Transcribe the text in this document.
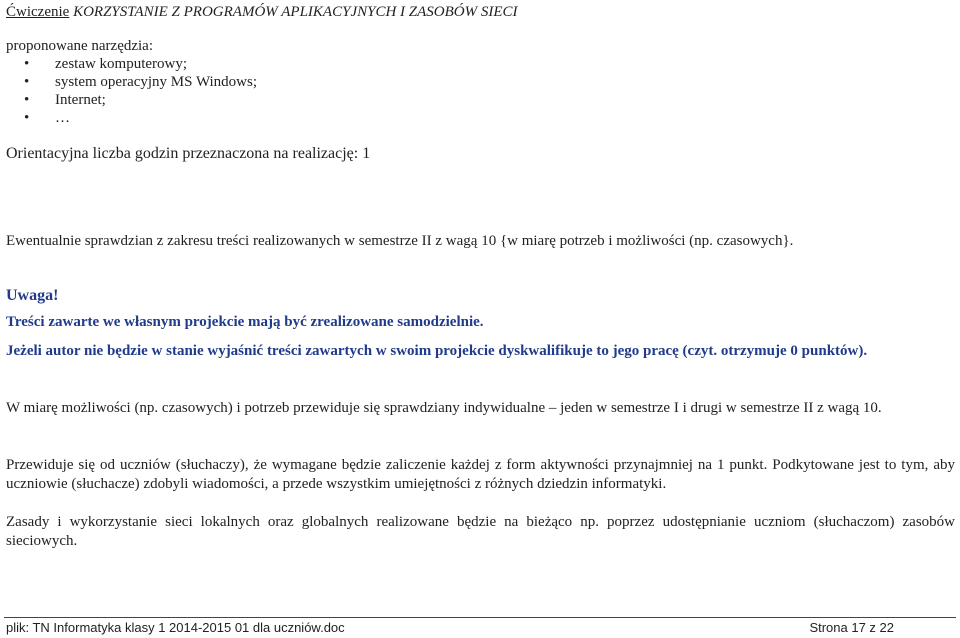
Ćwiczenie KORZYSTANIE Z PROGRAMÓW APLIKACYJNYCH I ZASOBÓW SIECI
proponowane narzędzia:
• zestaw komputerowy;
• system operacyjny MS Windows;
• Internet;
• …
Orientacyjna liczba godzin przeznaczona na realizację: 1
Ewentualnie sprawdzian z zakresu treści realizowanych w semestrze II z wagą 10 {w miarę potrzeb i możliwości (np. czasowych}.
Uwaga!
Treści zawarte we własnym projekcie mają być zrealizowane samodzielnie.
Jeżeli autor nie będzie w stanie wyjaśnić treści zawartych w swoim projekcie dyskwalifikuje to jego pracę (czyt. otrzymuje 0 punktów).
W miarę możliwości (np. czasowych) i potrzeb przewiduje się sprawdziany indywidualne – jeden w semestrze I i drugi w semestrze II z wagą 10.
Przewiduje się od uczniów (słuchaczy), że wymagane będzie zaliczenie każdej z form aktywności przynajmniej na 1 punkt. Podkytowane jest to tym, aby uczniowie (słuchacze) zdobyli wiadomości, a przede wszystkim umiejętności z różnych dziedzin informatyki.
Zasady i wykorzystanie sieci lokalnych oraz globalnych realizowane będzie na bieżąco np. poprzez udostępnianie uczniom (słuchaczom) zasobów sieciowych.
plik: TN Informatyka klasy 1 2014-2015 01 dla uczniów.doc	Strona 17 z 22
